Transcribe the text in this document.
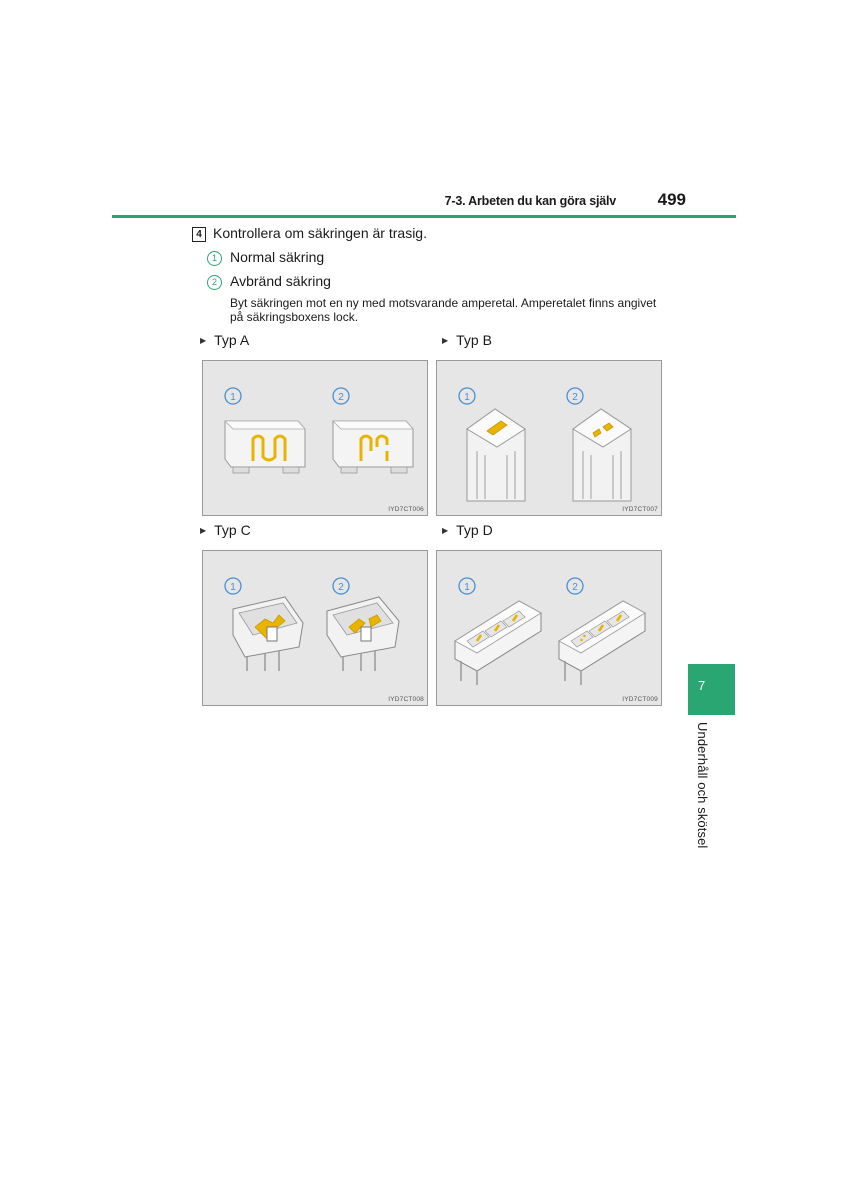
7-3. Arbeten du kan göra själv	499
4 Kontrollera om säkringen är trasig.
1 Normal säkring
2 Avbränd säkring
Byt säkringen mot en ny med motsvarande amperetal. Amperetalet finns angivet på säkringsboxens lock.
▶ Typ A	▶ Typ B
▶ Typ C	▶ Typ D
1	2
IYD7CT006
1	2
IYD7CT007
1	2
IYD7CT008
1	2
IYD7CT009
7
Underhåll och skötsel
